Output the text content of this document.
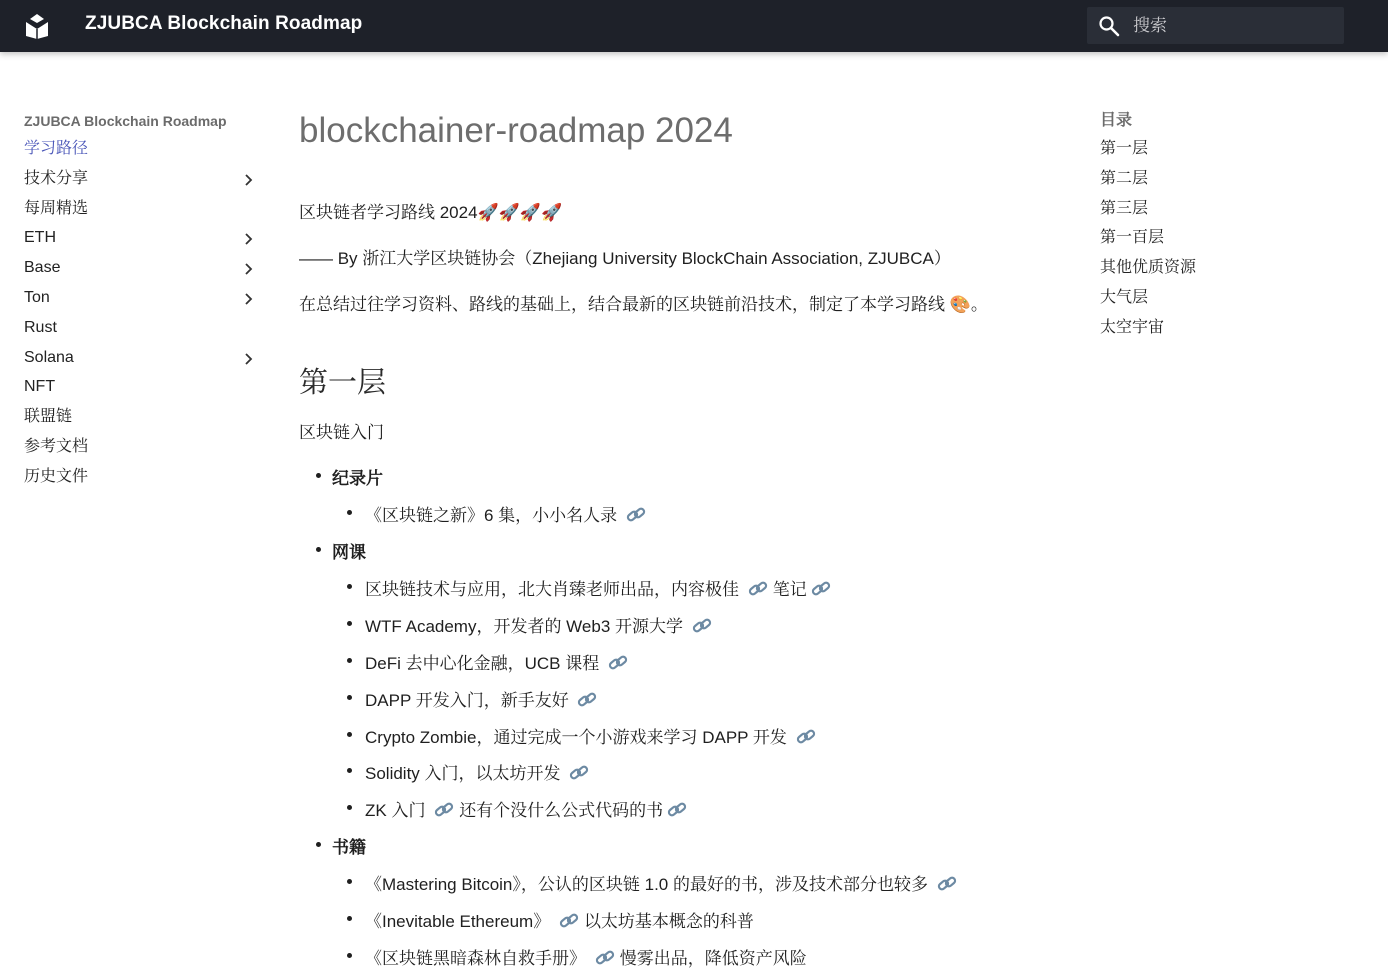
ZJUBCA Blockchain Roadmap
搜索
ZJUBCA Blockchain Roadmap
学习路径
技术分享
每周精选
ETH
Base
Ton
Rust
Solana
NFT
联盟链
参考文档
历史文件
blockchainer-roadmap 2024
区块链者学习路线 2024🚀🚀🚀🚀
—— By 浙江大学区块链协会（Zhejiang University BlockChain Association, ZJUBCA）
在总结过往学习资料、路线的基础上，结合最新的区块链前沿技术，制定了本学习路线 🎨。
第一层
区块链入门
纪录片
《区块链之新》6 集，小小名人录
网课
区块链技术与应用，北大肖臻老师出品，内容极佳 笔记
WTF Academy，开发者的 Web3 开源大学
DeFi 去中心化金融，UCB 课程
DAPP 开发入门，新手友好
Crypto Zombie，通过完成一个小游戏来学习 DAPP 开发
Solidity 入门，以太坊开发
ZK 入门 还有个没什么公式代码的书
书籍
《Mastering Bitcoin》，公认的区块链 1.0 的最好的书，涉及技术部分也较多
《Inevitable Ethereum》 以太坊基本概念的科普
《区块链黑暗森林自救手册》 慢雾出品，降低资产风险
目录
第一层
第二层
第三层
第一百层
其他优质资源
大气层
太空宇宙
